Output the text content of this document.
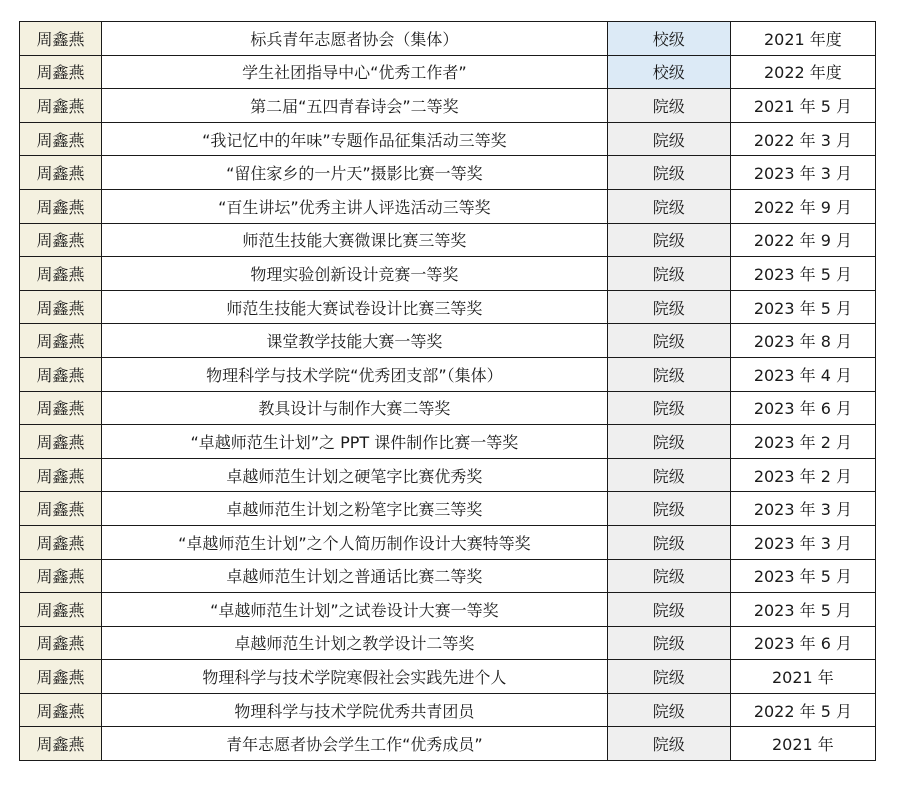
周鑫燕	标兵青年志愿者协会（集体）	校级	2021 年度
周鑫燕	学生社团指导中心“优秀工作者”	校级	2022 年度
周鑫燕	第二届“五四青春诗会”二等奖	院级	2021 年 5 月
周鑫燕	“我记忆中的年味”专题作品征集活动三等奖	院级	2022 年 3 月
周鑫燕	“留住家乡的一片天”摄影比赛一等奖	院级	2023 年 3 月
周鑫燕	“百生讲坛”优秀主讲人评选活动三等奖	院级	2022 年 9 月
周鑫燕	师范生技能大赛微课比赛三等奖	院级	2022 年 9 月
周鑫燕	物理实验创新设计竞赛一等奖	院级	2023 年 5 月
周鑫燕	师范生技能大赛试卷设计比赛三等奖	院级	2023 年 5 月
周鑫燕	课堂教学技能大赛一等奖	院级	2023 年 8 月
周鑫燕	物理科学与技术学院“优秀团支部”（集体）	院级	2023 年 4 月
周鑫燕	教具设计与制作大赛二等奖	院级	2023 年 6 月
周鑫燕	“卓越师范生计划”之 PPT 课件制作比赛一等奖	院级	2023 年 2 月
周鑫燕	卓越师范生计划之硬笔字比赛优秀奖	院级	2023 年 2 月
周鑫燕	卓越师范生计划之粉笔字比赛三等奖	院级	2023 年 3 月
周鑫燕	“卓越师范生计划”之个人简历制作设计大赛特等奖	院级	2023 年 3 月
周鑫燕	卓越师范生计划之普通话比赛二等奖	院级	2023 年 5 月
周鑫燕	“卓越师范生计划”之试卷设计大赛一等奖	院级	2023 年 5 月
周鑫燕	卓越师范生计划之教学设计二等奖	院级	2023 年 6 月
周鑫燕	物理科学与技术学院寒假社会实践先进个人	院级	2021 年
周鑫燕	物理科学与技术学院优秀共青团员	院级	2022 年 5 月
周鑫燕	青年志愿者协会学生工作“优秀成员”	院级	2021 年
